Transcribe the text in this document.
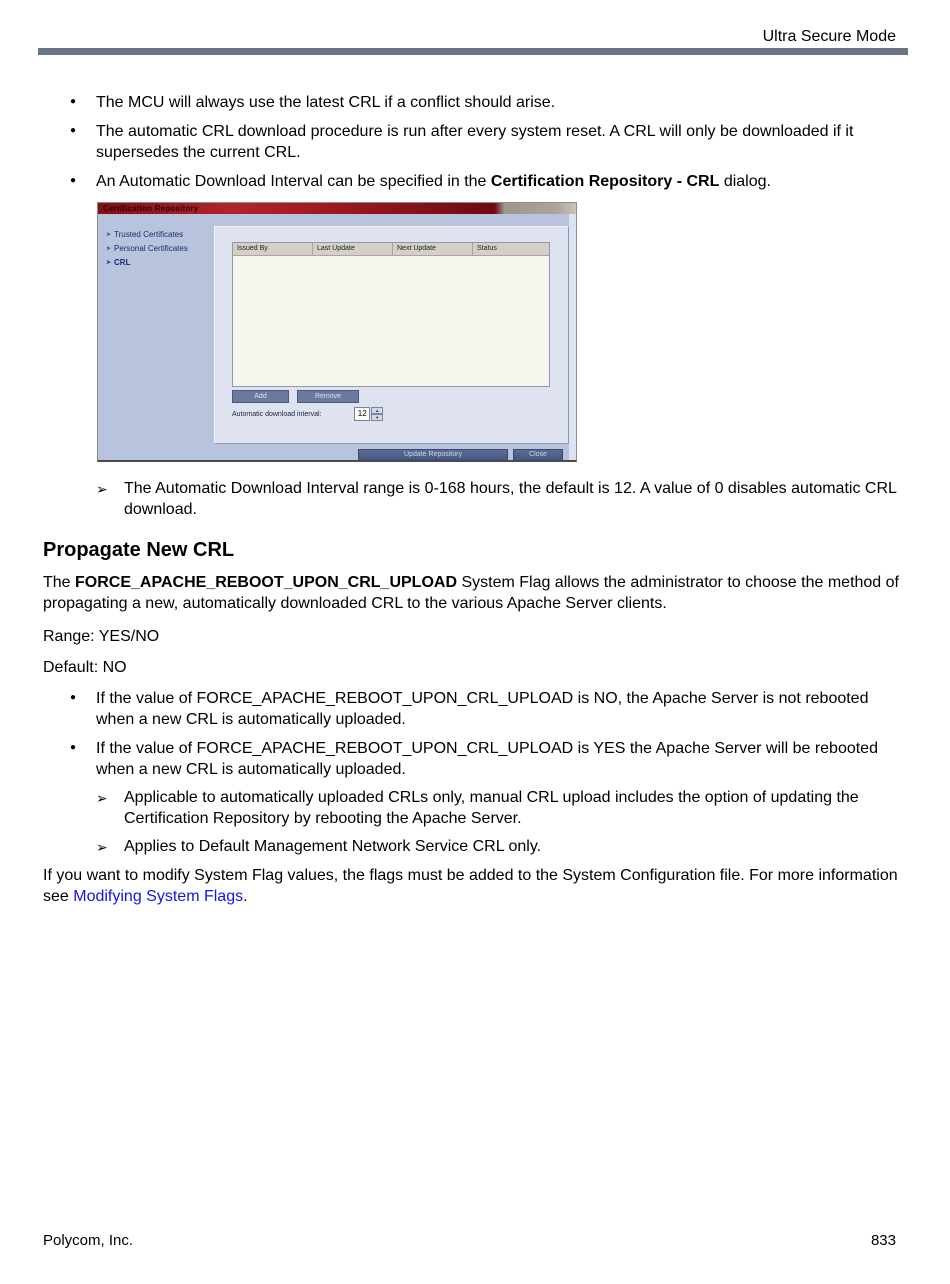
Ultra Secure Mode
● The MCU will always use the latest CRL if a conflict should arise.
● The automatic CRL download procedure is run after every system reset. A CRL will only be downloaded if it supersedes the current CRL.
● An Automatic Download Interval can be specified in the Certification Repository - CRL dialog.
Certification Repository
➤ Trusted Certificates
➤ Personal Certificates
➤ CRL
Issued By	Last Update	Next Update	Status
Add	Remove
Automatic download interval:	12	▲
▼
Update Repository	Close
➢ The Automatic Download Interval range is 0-168 hours, the default is 12. A value of 0 disables automatic CRL download.
Propagate New CRL

The FORCE_APACHE_REBOOT_UPON_CRL_UPLOAD System Flag allows the administrator to choose the method of propagating a new, automatically downloaded CRL to the various Apache Server clients.

Range: YES/NO

Default: NO

● If the value of FORCE_APACHE_REBOOT_UPON_CRL_UPLOAD is NO, the Apache Server is not rebooted when a new CRL is automatically uploaded.
● If the value of FORCE_APACHE_REBOOT_UPON_CRL_UPLOAD is YES the Apache Server will be rebooted when a new CRL is automatically uploaded.
➢ Applicable to automatically uploaded CRLs only, manual CRL upload includes the option of updating the Certification Repository by rebooting the Apache Server.
➢ Applies to Default Management Network Service CRL only.

If you want to modify System Flag values, the flags must be added to the System Configuration file. For more information see Modifying System Flags.

Polycom, Inc.	833
